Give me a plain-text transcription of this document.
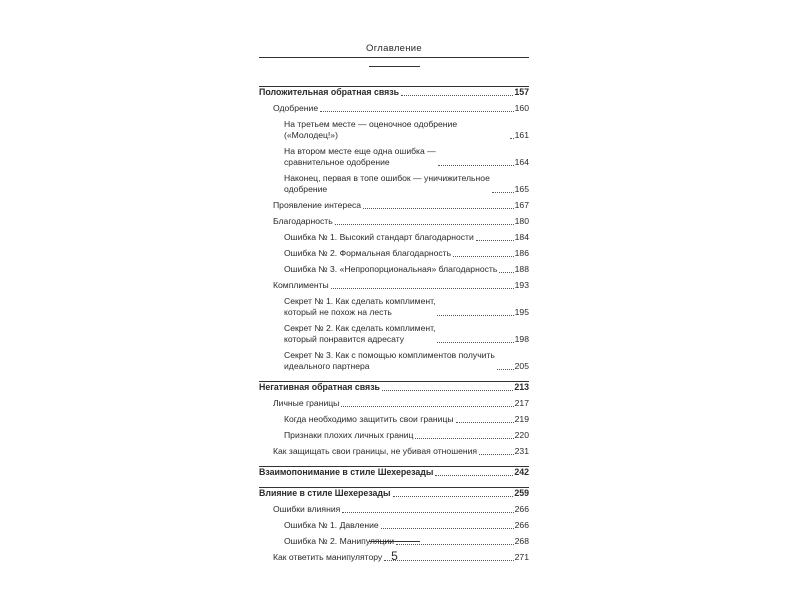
Оглавление
Положительная обратная связь	157
Одобрение	160
На третьем месте — оценочное одобрение («Молодец!»)	161
На втором месте еще одна ошибка —
сравнительное одобрение	164
Наконец, первая в топе ошибок — уничижительное
одобрение	165
Проявление интереса	167
Благодарность	180
Ошибка № 1. Высокий стандарт благодарности	184
Ошибка № 2. Формальная благодарность	186
Ошибка № 3. «Непропорциональная» благодарность 188
Комплименты	193
Секрет № 1. Как сделать комплимент,
который не похож на лесть	195
Секрет № 2. Как сделать комплимент,
который понравится адресату	198
Секрет № 3. Как с помощью комплиментов получить
идеального партнера	205
Негативная обратная связь	213
Личные границы	217
Когда необходимо защитить свои границы	219
Признаки плохих личных границ	220
Как защищать свои границы, не убивая отношения	231
Взаимопонимание в стиле Шехерезады	242
Влияние в стиле Шехерезады	259
Ошибки влияния	266
Ошибка № 1. Давление	266
Ошибка № 2. Манипуляции	268
Как ответить манипулятору	271
5
